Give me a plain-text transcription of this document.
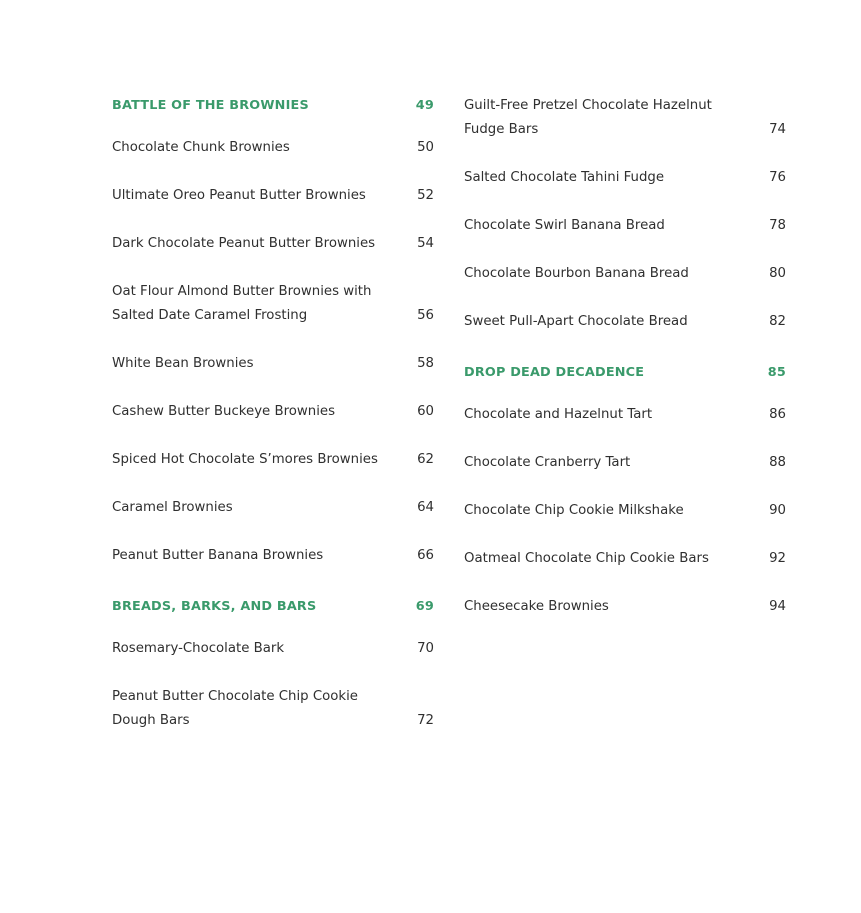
BATTLE OF THE BROWNIES	49
Chocolate Chunk Brownies	50
Ultimate Oreo Peanut Butter Brownies	52
Dark Chocolate Peanut Butter Brownies	54
Oat Flour Almond Butter Brownies with Salted Date Caramel Frosting	56
White Bean Brownies	58
Cashew Butter Buckeye Brownies	60
Spiced Hot Chocolate S’mores Brownies	62
Caramel Brownies	64
Peanut Butter Banana Brownies	66
BREADS, BARKS, AND BARS	69
Rosemary-Chocolate Bark	70
Peanut Butter Chocolate Chip Cookie Dough Bars	72
Guilt-Free Pretzel Chocolate Hazelnut Fudge Bars	74
Salted Chocolate Tahini Fudge	76
Chocolate Swirl Banana Bread	78
Chocolate Bourbon Banana Bread	80
Sweet Pull-Apart Chocolate Bread	82
DROP DEAD DECADENCE	85
Chocolate and Hazelnut Tart	86
Chocolate Cranberry Tart	88
Chocolate Chip Cookie Milkshake	90
Oatmeal Chocolate Chip Cookie Bars	92
Cheesecake Brownies	94
